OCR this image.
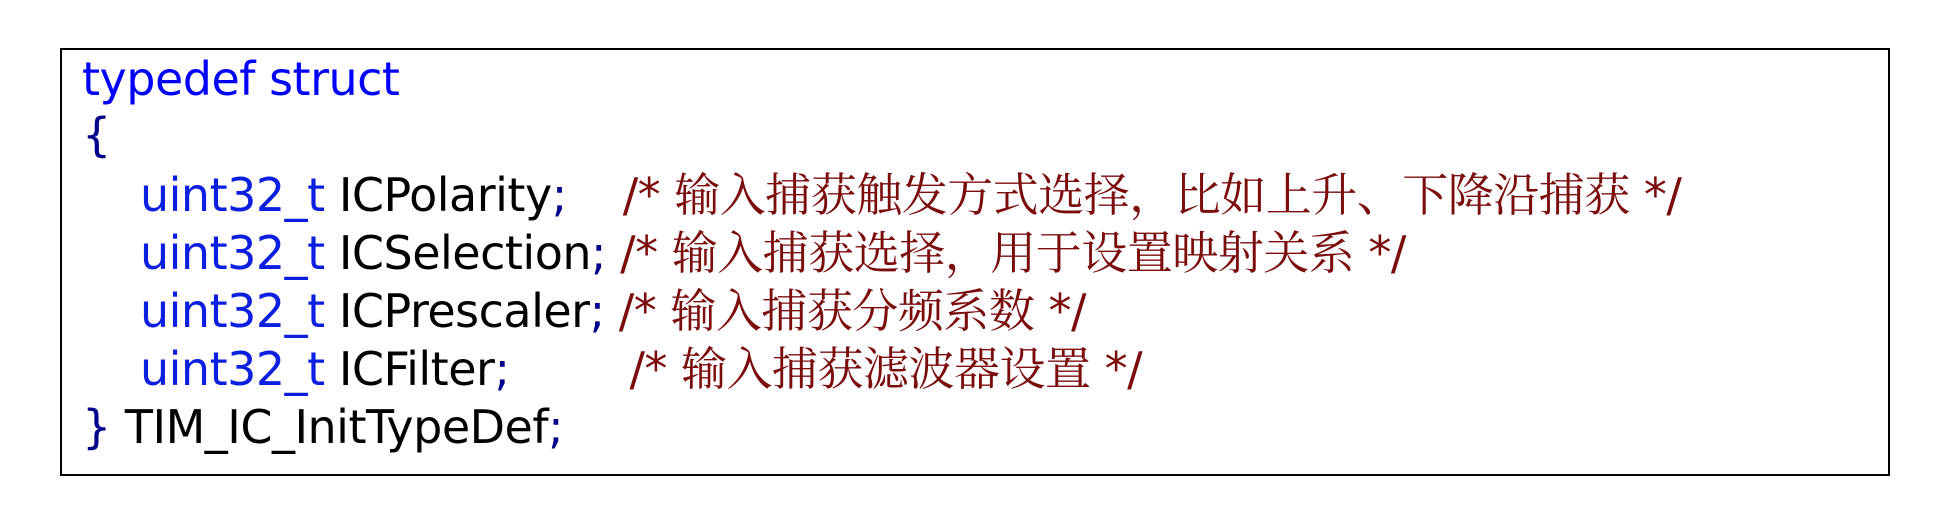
typedef struct
{
uint32_t ICPolarity; /* 输入捕获触发方式选择，比如上升、下降沿捕获 */
uint32_t ICSelection; /* 输入捕获选择，用于设置映射关系 */
uint32_t ICPrescaler; /* 输入捕获分频系数 */
uint32_t ICFilter;	/* 输入捕获滤波器设置 */
} TIM_IC_InitTypeDef;
